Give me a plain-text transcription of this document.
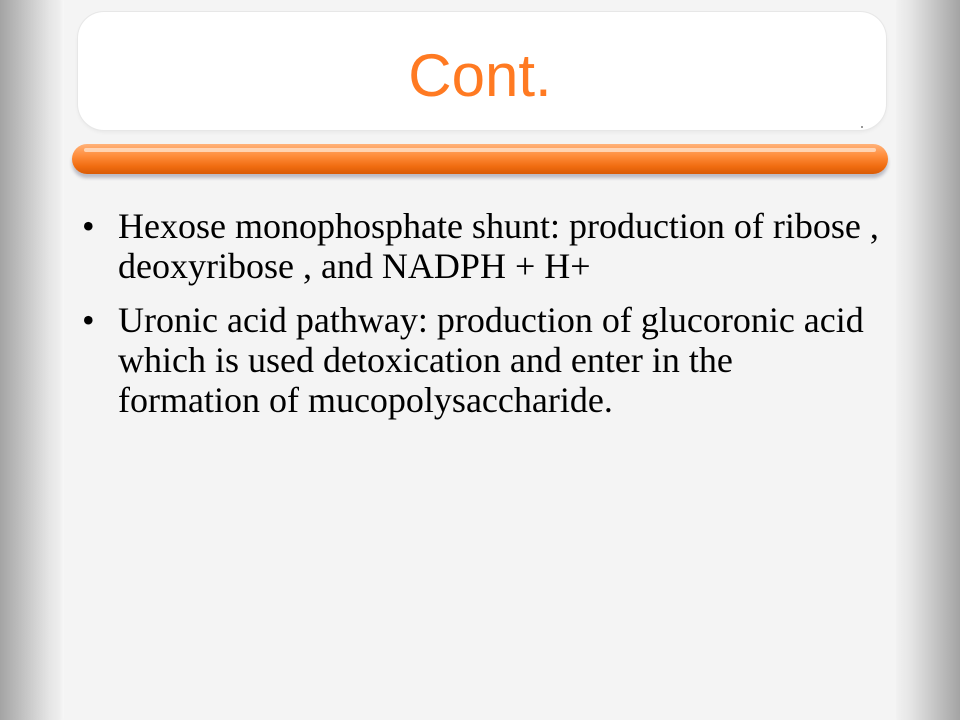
Cont.
• Hexose monophosphate shunt: production of ribose , deoxyribose , and NADPH + H+
• Uronic acid pathway: production of glucoronic acid which is used detoxication and enter in the formation of mucopolysaccharide.
